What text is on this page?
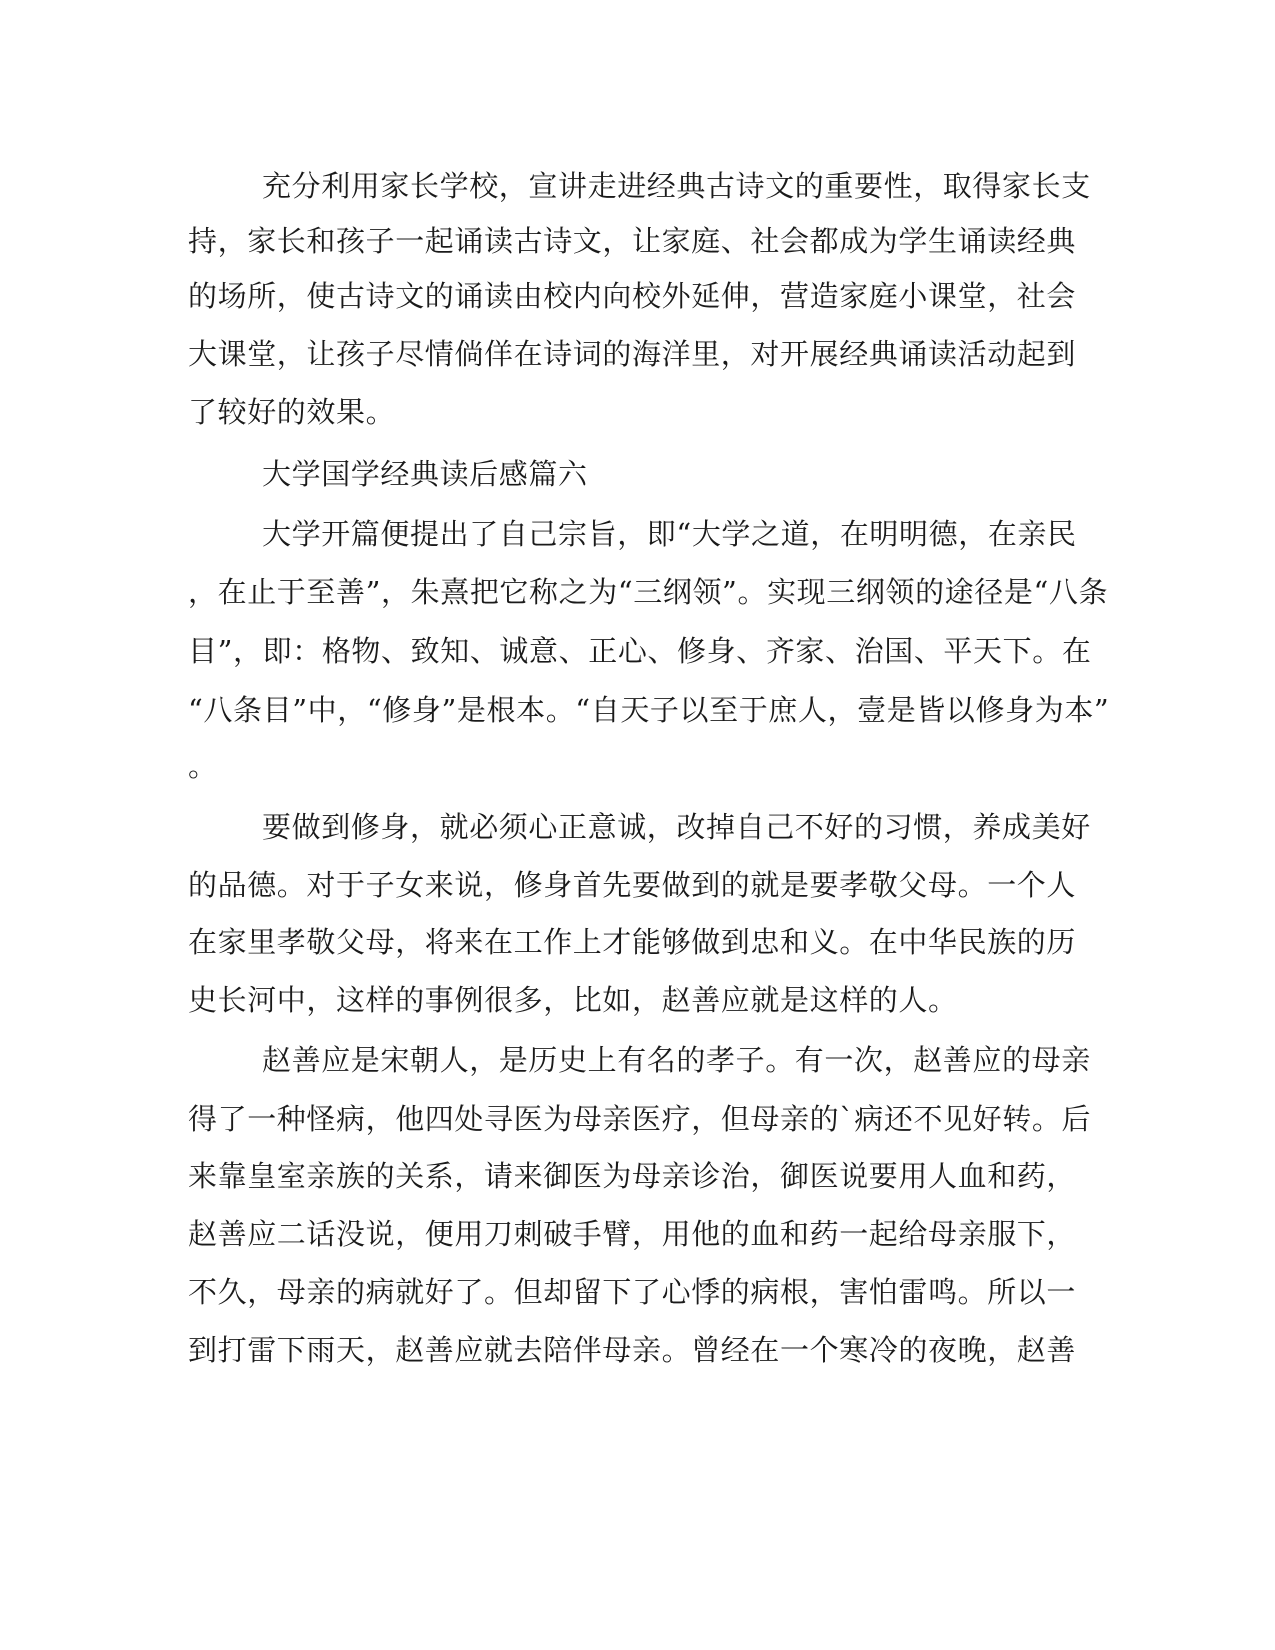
充分利用家长学校，宣讲走进经典古诗文的重要性，取得家长支

持，家长和孩子一起诵读古诗文，让家庭、社会都成为学生诵读经典

的场所，使古诗文的诵读由校内向校外延伸，营造家庭小课堂，社会

大课堂，让孩子尽情倘佯在诗词的海洋里，对开展经典诵读活动起到

了较好的效果。

大学国学经典读后感篇六

大学开篇便提出了自己宗旨，即“大学之道，在明明德，在亲民

，在止于至善”，朱熹把它称之为“三纲领”。实现三纲领的途径是“八条

目”，即：格物、致知、诚意、正心、修身、齐家、治国、平天下。在

“八条目”中，“修身”是根本。“自天子以至于庶人，壹是皆以修身为本”

。

要做到修身，就必须心正意诚，改掉自己不好的习惯，养成美好

的品德。对于子女来说，修身首先要做到的就是要孝敬父母。一个人

在家里孝敬父母，将来在工作上才能够做到忠和义。在中华民族的历

史长河中，这样的事例很多，比如，赵善应就是这样的人。

赵善应是宋朝人，是历史上有名的孝子。有一次，赵善应的母亲

得了一种怪病，他四处寻医为母亲医疗，但母亲的`病还不见好转。后

来靠皇室亲族的关系，请来御医为母亲诊治，御医说要用人血和药，

赵善应二话没说，便用刀刺破手臂，用他的血和药一起给母亲服下，

不久，母亲的病就好了。但却留下了心悸的病根，害怕雷鸣。所以一

到打雷下雨天，赵善应就去陪伴母亲。曾经在一个寒冷的夜晚，赵善
